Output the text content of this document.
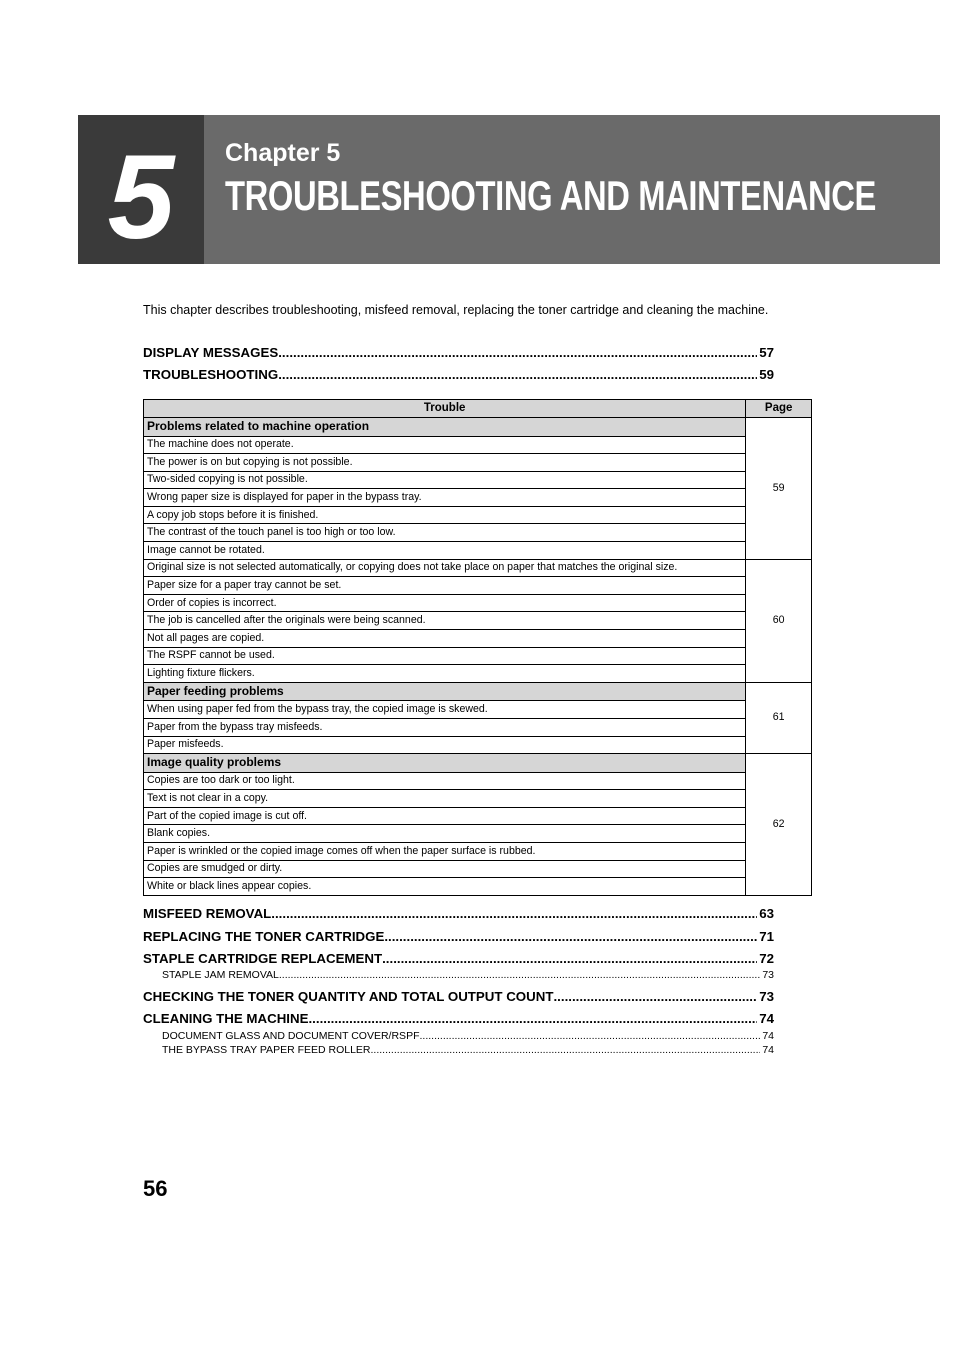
5	Chapter 5
TROUBLESHOOTING AND MAINTENANCE
This chapter describes troubleshooting, misfeed removal, replacing the toner cartridge and cleaning the machine.
DISPLAY MESSAGES .....	57
TROUBLESHOOTING .....	59
Trouble	Page
Problems related to machine operation	59
The machine does not operate.	
The power is on but copying is not possible.	
Two-sided copying is not possible.	
Wrong paper size is displayed for paper in the bypass tray.	
A copy job stops before it is finished.	
The contrast of the touch panel is too high or too low.	
Image cannot be rotated.	
Original size is not selected automatically, or copying does not take place on paper that matches the original size.	60
Paper size for a paper tray cannot be set.	
Order of copies is incorrect.	
The job is cancelled after the originals were being scanned.	
Not all pages are copied.	
The RSPF cannot be used.	
Lighting fixture flickers.	
Paper feeding problems	61
When using paper fed from the bypass tray, the copied image is skewed.	
Paper from the bypass tray misfeeds.	
Paper misfeeds.	
Image quality problems	62
Copies are too dark or too light.	
Text is not clear in a copy.	
Part of the copied image is cut off.	
Blank copies.	
Paper is wrinkled or the copied image comes off when the paper surface is rubbed.	
Copies are smudged or dirty.	
White or black lines appear copies.	
MISFEED REMOVAL .....	63
REPLACING THE TONER CARTRIDGE .....	71
STAPLE CARTRIDGE REPLACEMENT .....	72
STAPLE JAM REMOVAL .....	73
CHECKING THE TONER QUANTITY AND TOTAL OUTPUT COUNT .....	73
CLEANING THE MACHINE .....	74
DOCUMENT GLASS AND DOCUMENT COVER/RSPF .....	74
THE BYPASS TRAY PAPER FEED ROLLER .....	74
56
